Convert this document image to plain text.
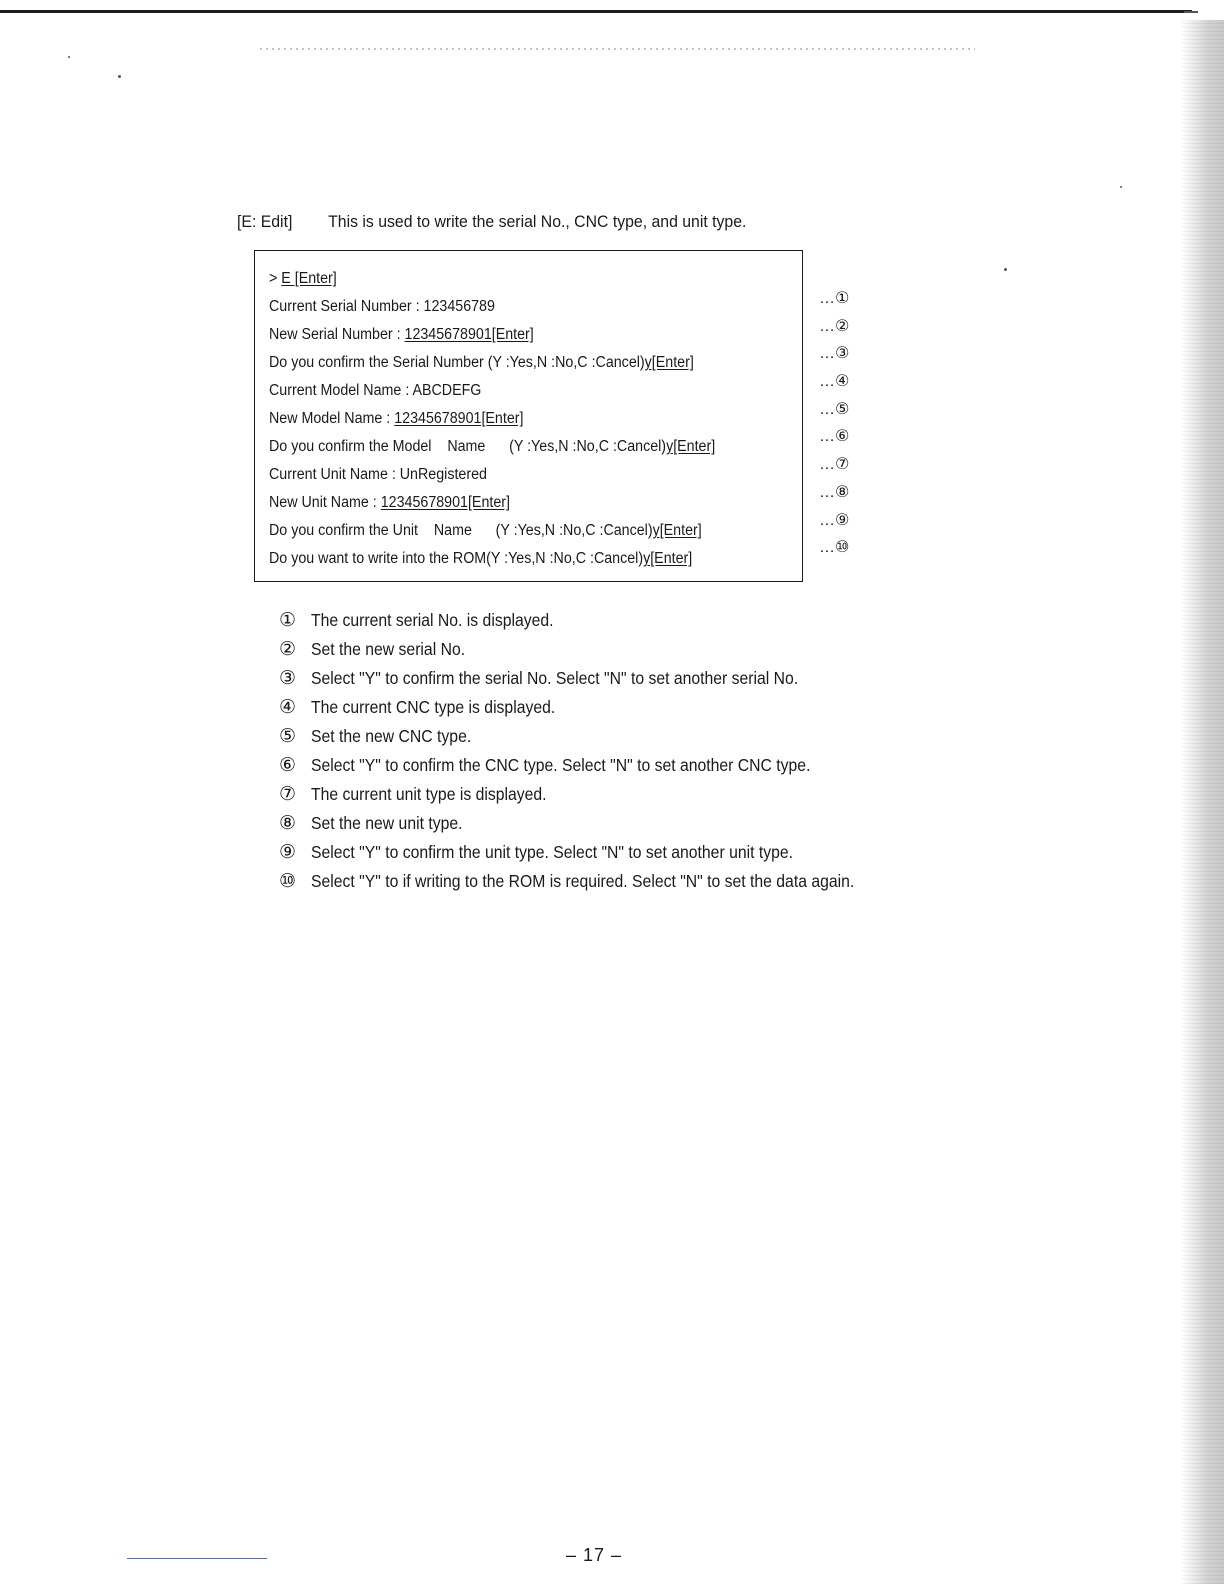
[E: Edit] This is used to write the serial No., CNC type, and unit type.
> E [Enter]
Current Serial Number : 123456789
New Serial Number : 12345678901[Enter]
Do you confirm the Serial Number (Y :Yes,N :No,C :Cancel)y[Enter]
Current Model Name : ABCDEFG
New Model Name : 12345678901[Enter]
Do you confirm the Model    Name      (Y :Yes,N :No,C :Cancel)y[Enter]
Current Unit Name : UnRegistered
New Unit Name : 12345678901[Enter]
Do you confirm the Unit    Name      (Y :Yes,N :No,C :Cancel)y[Enter]
Do you want to write into the ROM(Y :Yes,N :No,C :Cancel)y[Enter]
…①
…②
…③
…④
…⑤
…⑥
…⑦
…⑧
…⑨
…⑩
① The current serial No. is displayed.
② Set the new serial No.
③ Select "Y" to confirm the serial No. Select "N" to set another serial No.
④ The current CNC type is displayed.
⑤ Set the new CNC type.
⑥ Select "Y" to confirm the CNC type. Select "N" to set another CNC type.
⑦ The current unit type is displayed.
⑧ Set the new unit type.
⑨ Select "Y" to confirm the unit type. Select "N" to set another unit type.
⑩ Select "Y" to if writing to the ROM is required. Select "N" to set the data again.
– 17 –
